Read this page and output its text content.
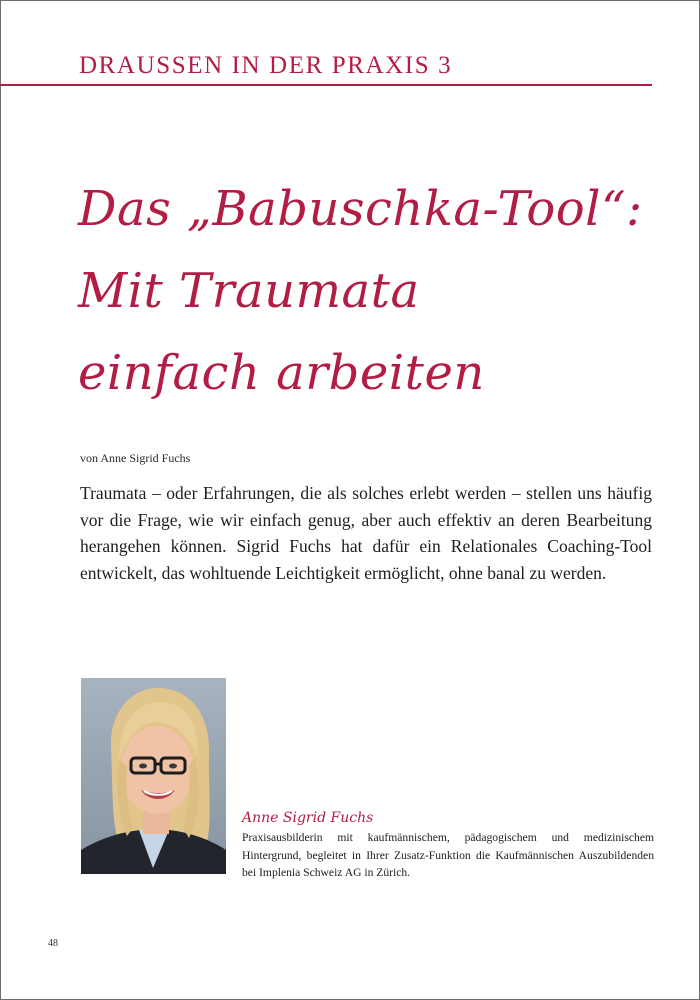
DRAUSSEN IN DER PRAXIS 3
Das „Babuschka-Tool“:
Mit Traumata
einfach arbeiten
von Anne Sigrid Fuchs

Traumata – oder Erfahrungen, die als solches erlebt werden – stellen uns häufig vor die Frage, wie wir einfach genug, aber auch effektiv an deren Bearbeitung herangehen können. Sigrid Fuchs hat dafür ein Relationales Coaching-Tool entwickelt, das wohltuende Leichtigkeit ermöglicht, ohne banal zu werden.

Anne Sigrid Fuchs

Praxisausbilderin mit kaufmännischem, pädagogischem und medizinischem Hintergrund, begleitet in Ihrer Zusatz-Funktion die Kaufmännischen Auszubildenden bei Implenia Schweiz AG in Zürich.

48
